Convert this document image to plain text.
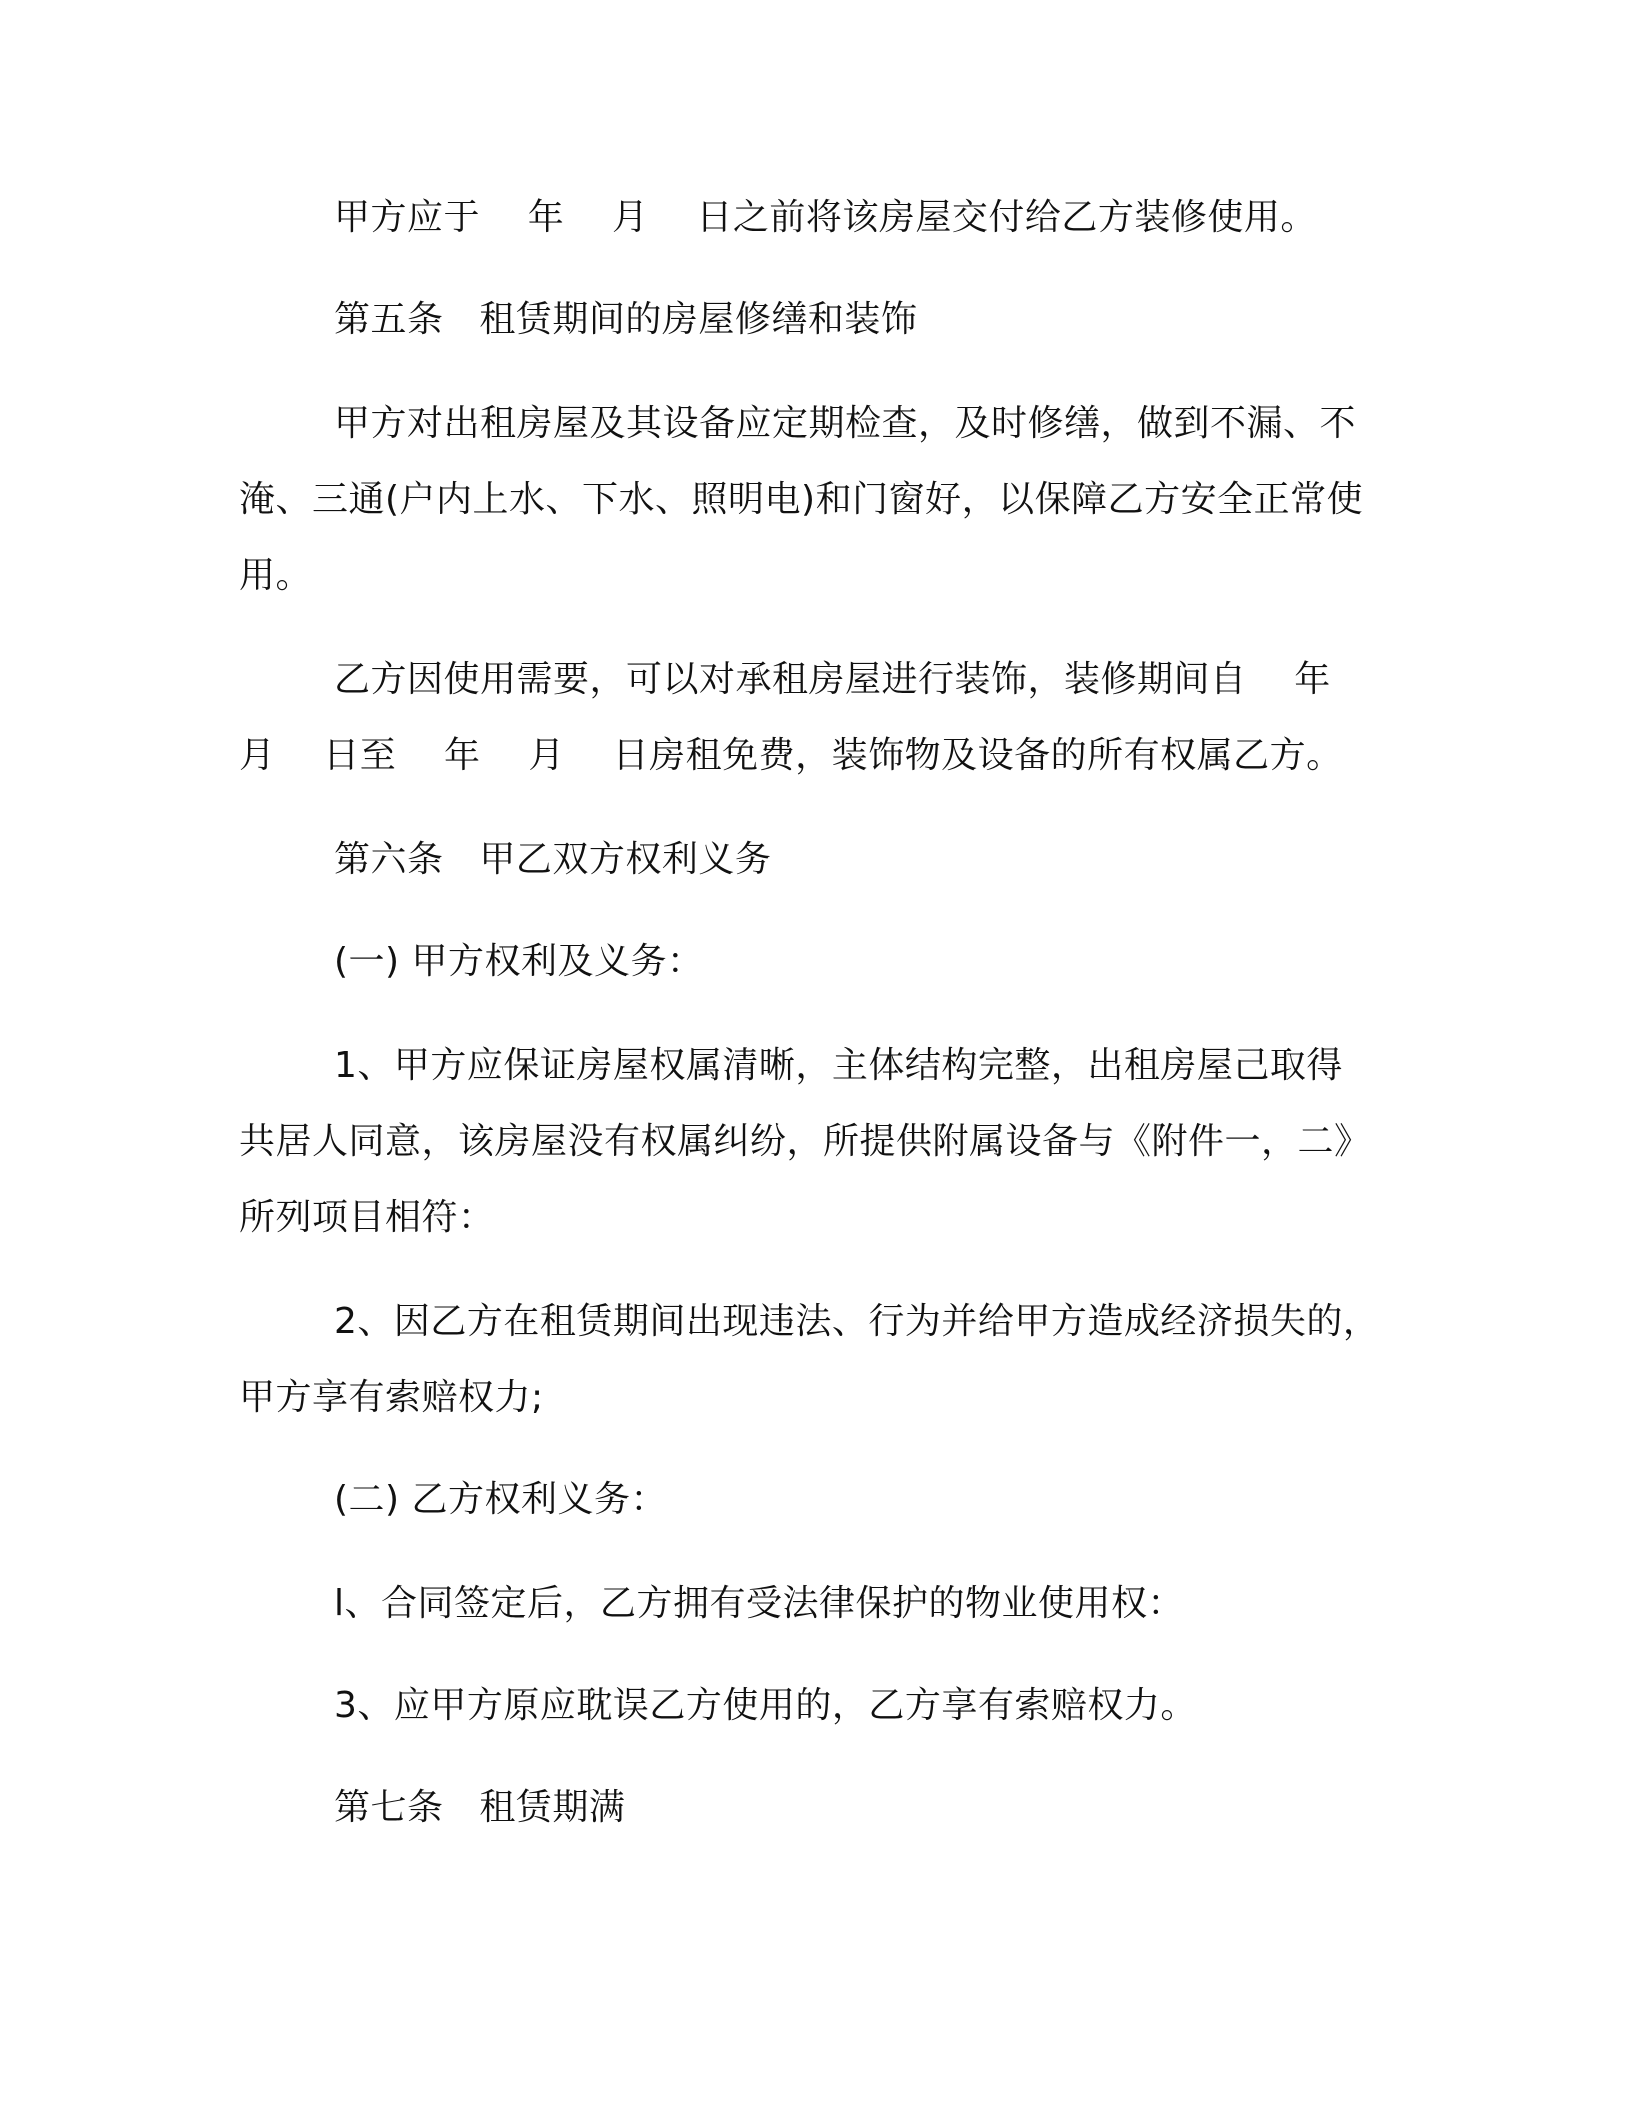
甲方应于    年    月    日之前将该房屋交付给乙方装修使用。
第五条   租赁期间的房屋修缮和装饰
甲方对出租房屋及其设备应定期检查，及时修缮，做到不漏、不
淹、三通(户内上水、下水、照明电)和门窗好，以保障乙方安全正常使
用。
乙方因使用需要，可以对承租房屋进行装饰，装修期间自    年
月    日至    年    月    日房租免费，装饰物及设备的所有权属乙方。
第六条   甲乙双方权利义务
(一) 甲方权利及义务：
1、甲方应保证房屋权属清晰，主体结构完整，出租房屋己取得
共居人同意，该房屋没有权属纠纷，所提供附属设备与《附件一，二》
所列项目相符：
2、因乙方在租赁期间出现违法、行为并给甲方造成经济损失的，
甲方享有索赔权力;
(二) 乙方权利义务：
l、合同签定后，乙方拥有受法律保护的物业使用权：
3、应甲方原应耽误乙方使用的，乙方享有索赔权力。
第七条   租赁期满
